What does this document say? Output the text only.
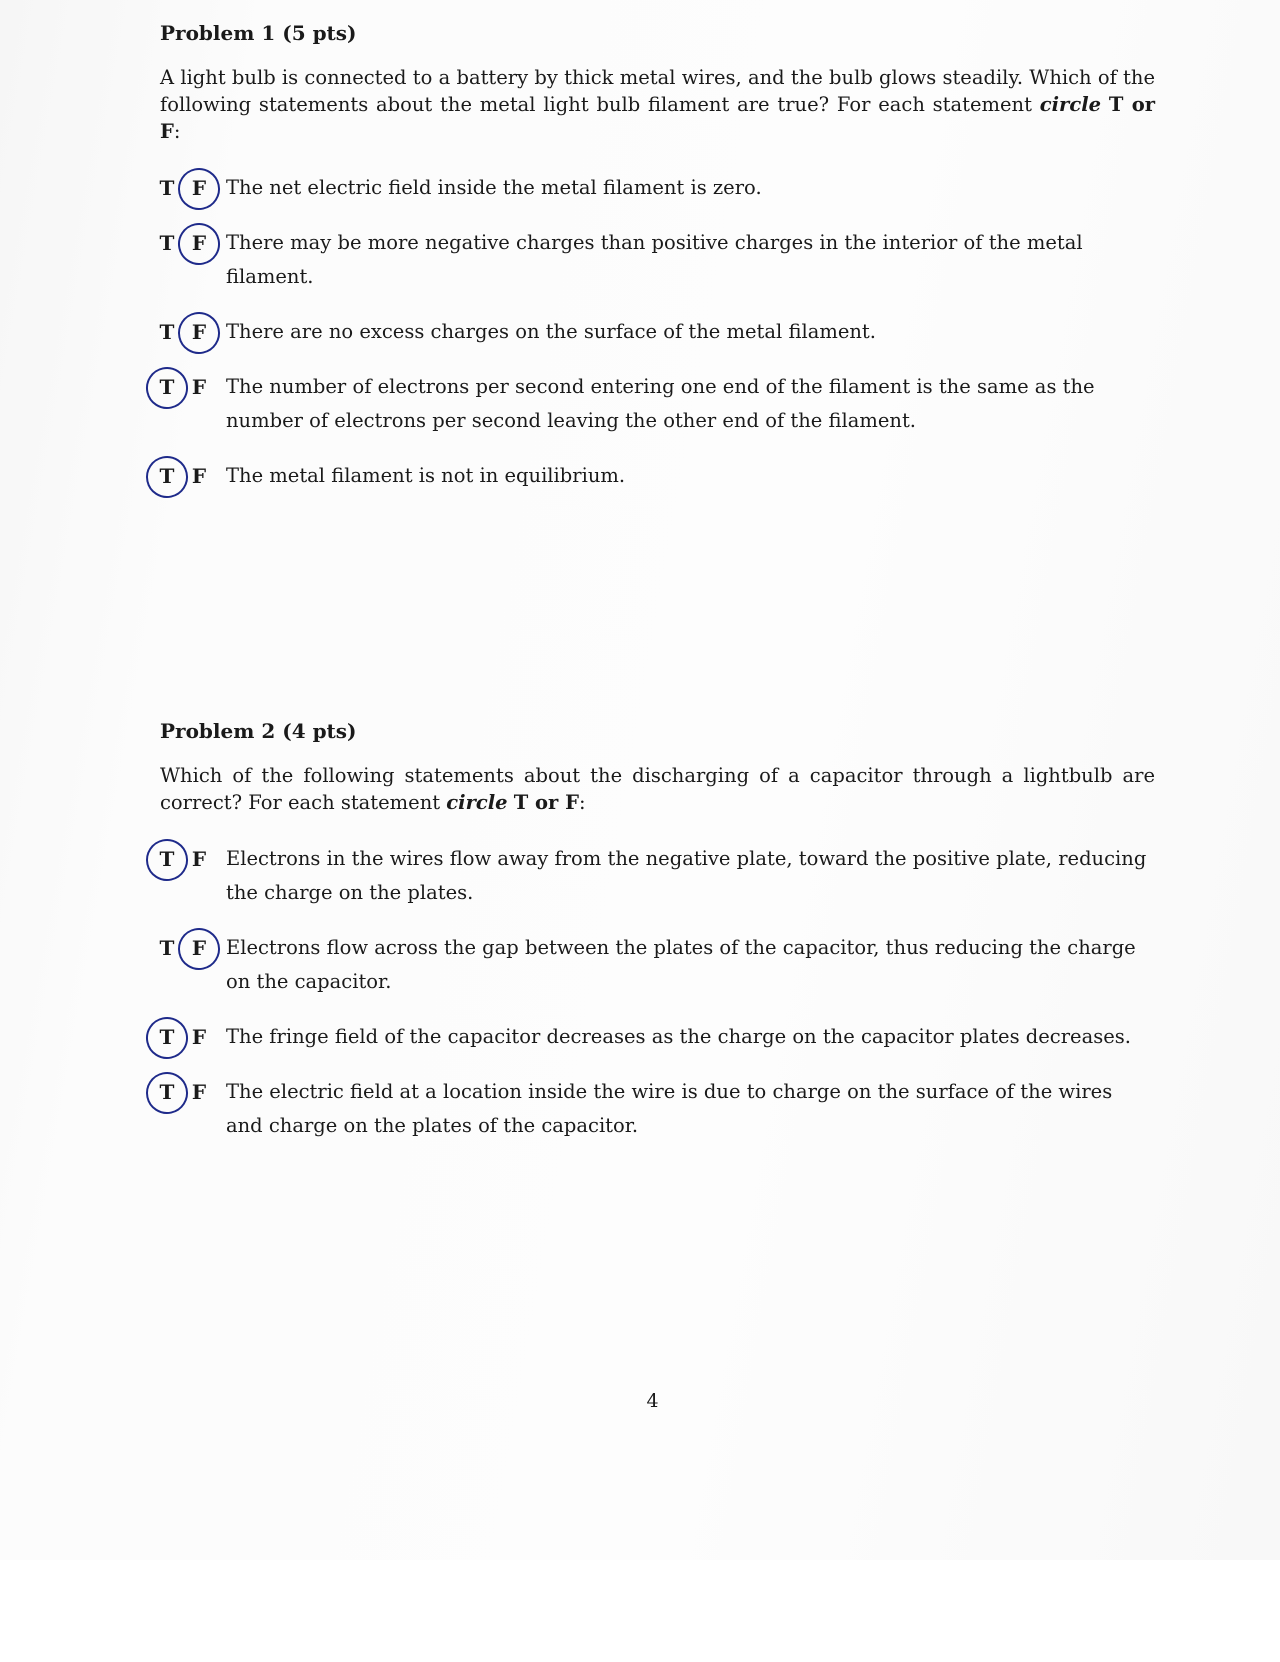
Problem 1 (5 pts)

A light bulb is connected to a battery by thick metal wires, and the bulb glows steadily. Which of the following statements about the metal light bulb filament are true? For each statement circle T or F:

T F The net electric field inside the metal filament is zero.
T F There may be more negative charges than positive charges in the interior of the metal filament.
T F There are no excess charges on the surface of the metal filament.
T F The number of electrons per second entering one end of the filament is the same as the number of electrons per second leaving the other end of the filament.
T F The metal filament is not in equilibrium.
Problem 2 (4 pts)

Which of the following statements about the discharging of a capacitor through a lightbulb are correct? For each statement circle T or F:

T F Electrons in the wires flow away from the negative plate, toward the positive plate, reducing the charge on the plates.
T F Electrons flow across the gap between the plates of the capacitor, thus reducing the charge on the capacitor.
T F The fringe field of the capacitor decreases as the charge on the capacitor plates decreases.
T F The electric field at a location inside the wire is due to charge on the surface of the wires and charge on the plates of the capacitor.
4
